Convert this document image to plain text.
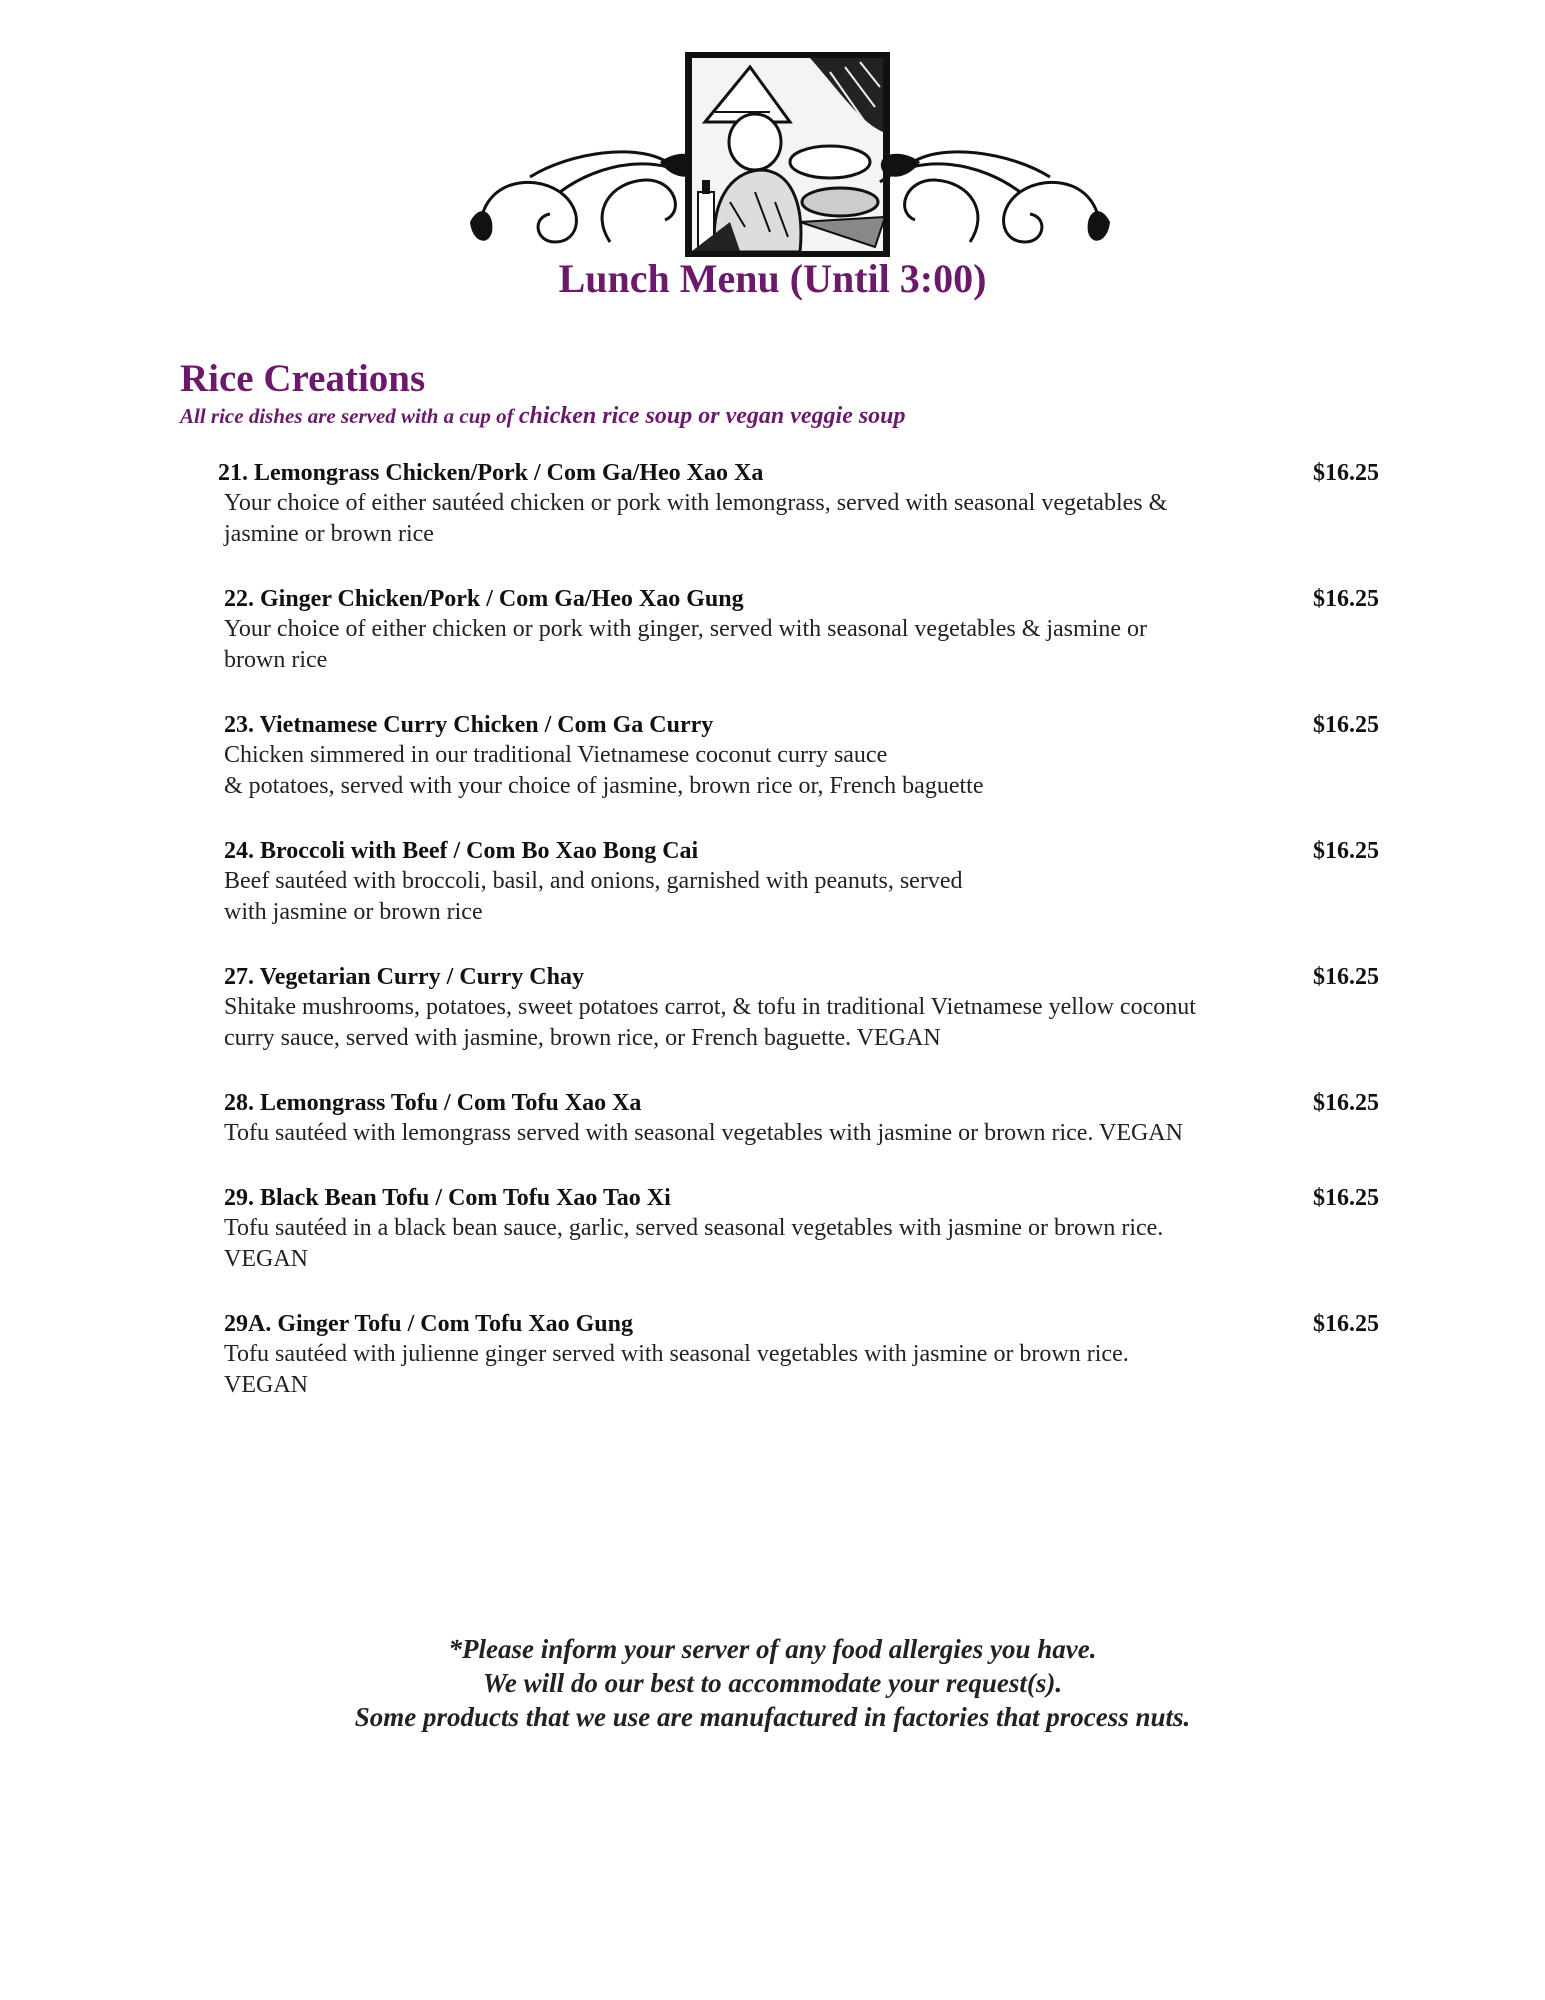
Lunch Menu (Until 3:00)
Rice Creations

All rice dishes are served with a cup of chicken rice soup or vegan veggie soup

21. Lemongrass Chicken/Pork / Com Ga/Heo Xao Xa	$16.25

Your choice of either sautéed chicken or pork with lemongrass, served with seasonal vegetables &
jasmine or brown rice

22. Ginger Chicken/Pork / Com Ga/Heo Xao Gung	$16.25

Your choice of either chicken or pork with ginger, served with seasonal vegetables & jasmine or
brown rice

23. Vietnamese Curry Chicken / Com Ga Curry	$16.25

Chicken simmered in our traditional Vietnamese coconut curry sauce
& potatoes, served with your choice of jasmine, brown rice or, French baguette

24. Broccoli with Beef / Com Bo Xao Bong Cai	$16.25

Beef sautéed with broccoli, basil, and onions, garnished with peanuts, served
with jasmine or brown rice

27. Vegetarian Curry / Curry Chay	$16.25

Shitake mushrooms, potatoes, sweet potatoes carrot, & tofu in traditional Vietnamese yellow coconut
curry sauce, served with jasmine, brown rice, or French baguette. VEGAN

28. Lemongrass Tofu / Com Tofu Xao Xa	$16.25

Tofu sautéed with lemongrass served with seasonal vegetables with jasmine or brown rice. VEGAN

29. Black Bean Tofu / Com Tofu Xao Tao Xi	$16.25

Tofu sautéed in a black bean sauce, garlic, served seasonal vegetables with jasmine or brown rice.
VEGAN

29A. Ginger Tofu / Com Tofu Xao Gung	$16.25

Tofu sautéed with julienne ginger served with seasonal vegetables with jasmine or brown rice.
VEGAN

*Please inform your server of any food allergies you have.
We will do our best to accommodate your request(s).
Some products that we use are manufactured in factories that process nuts.
